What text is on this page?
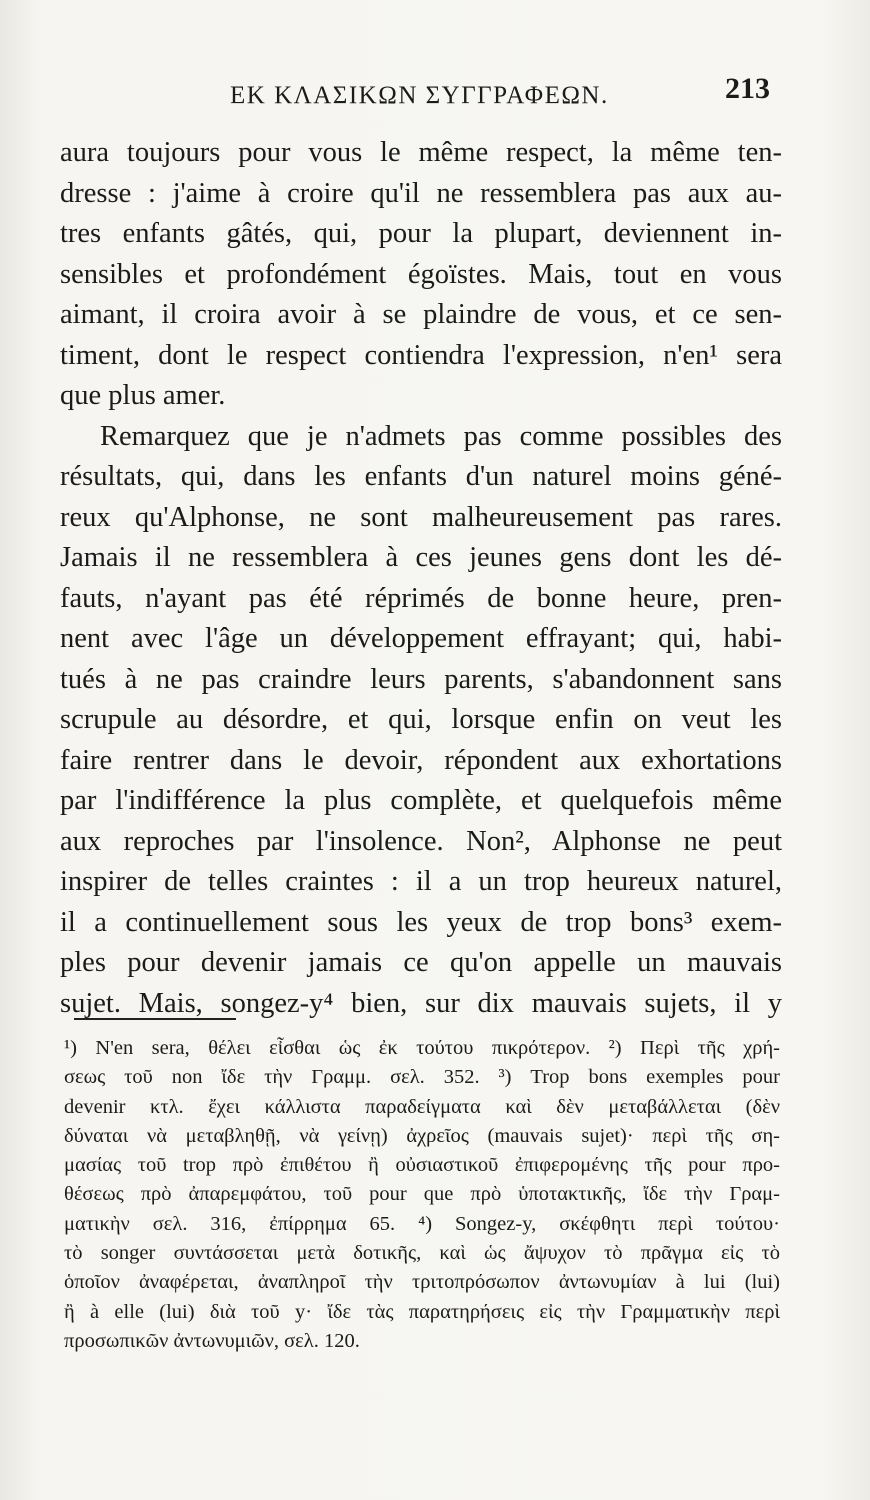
ΕΚ ΚΛΑΣΙΚΩΝ ΣΥΓΓΡΑΦΕΩΝ.	213
aura toujours pour vous le même respect, la même ten-
dresse : j'aime à croire qu'il ne ressemblera pas aux au-
tres enfants gâtés, qui, pour la plupart, deviennent in-
sensibles et profondément égoïstes. Mais, tout en vous
aimant, il croira avoir à se plaindre de vous, et ce sen-
timent, dont le respect contiendra l'expression, n'en¹ sera
que plus amer.
Remarquez que je n'admets pas comme possibles des
résultats, qui, dans les enfants d'un naturel moins géné-
reux qu'Alphonse, ne sont malheureusement pas rares.
Jamais il ne ressemblera à ces jeunes gens dont les dé-
fauts, n'ayant pas été réprimés de bonne heure, pren-
nent avec l'âge un développement effrayant; qui, habi-
tués à ne pas craindre leurs parents, s'abandonnent sans
scrupule au désordre, et qui, lorsque enfin on veut les
faire rentrer dans le devoir, répondent aux exhortations
par l'indifférence la plus complète, et quelquefois même
aux reproches par l'insolence. Non², Alphonse ne peut
inspirer de telles craintes : il a un trop heureux naturel,
il a continuellement sous les yeux de trop bons³ exem-
ples pour devenir jamais ce qu'on appelle un mauvais
sujet. Mais, songez-y⁴ bien, sur dix mauvais sujets, il y
¹) N'en sera, θέλει εἶσθαι ὡς ἐκ τούτου πικρότερον. ²) Περὶ τῆς χρή-
σεως τοῦ non ἴδε τὴν Γραμμ. σελ. 352. ³) Trop bons exemples pour
devenir κτλ. ἔχει κάλλιστα παραδείγματα καὶ δὲν μεταβάλλεται (δὲν
δύναται νὰ μεταβληθῇ, νὰ γείνῃ) ἀχρεῖος (mauvais sujet)· περὶ τῆς ση-
μασίας τοῦ trop πρὸ ἐπιθέτου ἢ οὐσιαστικοῦ ἐπιφερομένης τῆς pour προ-
θέσεως πρὸ ἀπαρεμφάτου, τοῦ pour que πρὸ ὑποτακτικῆς, ἴδε τὴν Γραμ-
ματικὴν σελ. 316, ἐπίρρημα 65. ⁴) Songez-y, σκέφθητι περὶ τούτου·
τὸ songer συντάσσεται μετὰ δοτικῆς, καὶ ὡς ἄψυχον τὸ πρᾶγμα εἰς τὸ
ὁποῖον ἀναφέρεται, ἀναπληροῖ τὴν τριτοπρόσωπον ἀντωνυμίαν à lui (lui)
ἢ à elle (lui) διὰ τοῦ y· ἴδε τὰς παρατηρήσεις εἰς τὴν Γραμματικὴν περὶ
προσωπικῶν ἀντωνυμιῶν, σελ. 120.
